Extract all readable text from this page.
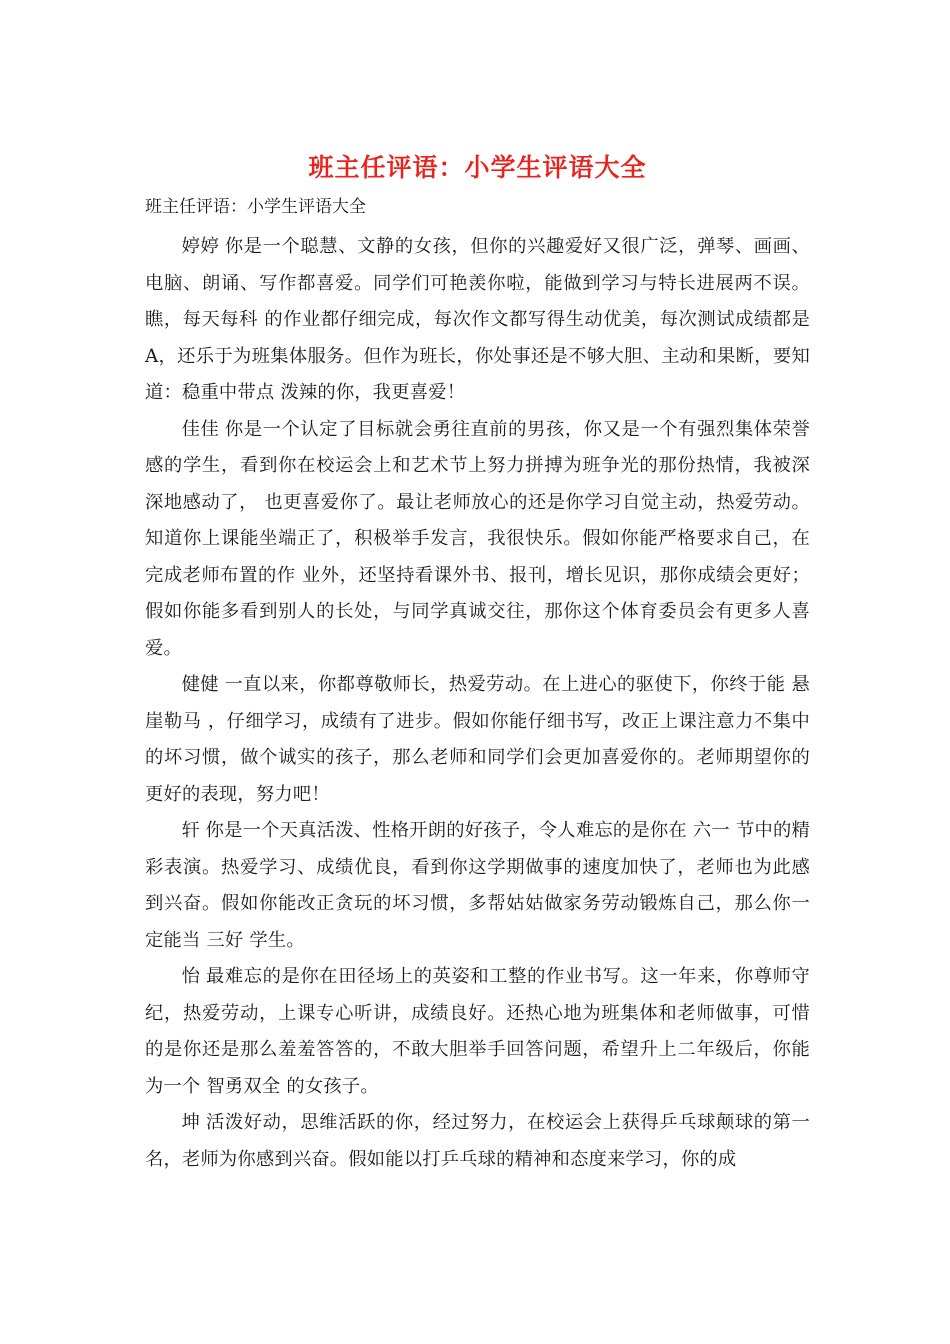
班主任评语：小学生评语大全
班主任评语：小学生评语大全

婷婷 你是一个聪慧、文静的女孩，但你的兴趣爱好又很广泛，弹琴、画画、电脑、朗诵、写作都喜爱。同学们可艳羡你啦，能做到学习与特长进展两不误。瞧，每天每科 的作业都仔细完成，每次作文都写得生动优美，每次测试成绩都是A，还乐于为班集体服务。但作为班长，你处事还是不够大胆、主动和果断，要知道：稳重中带点 泼辣的你，我更喜爱！

佳佳 你是一个认定了目标就会勇往直前的男孩，你又是一个有强烈集体荣誉感的学生，看到你在校运会上和艺术节上努力拼搏为班争光的那份热情，我被深深地感动了， 也更喜爱你了。最让老师放心的还是你学习自觉主动，热爱劳动。知道你上课能坐端正了，积极举手发言，我很快乐。假如你能严格要求自己，在完成老师布置的作 业外，还坚持看课外书、报刊，增长见识，那你成绩会更好；假如你能多看到别人的长处，与同学真诚交往，那你这个体育委员会有更多人喜爱。

健健 一直以来，你都尊敬师长，热爱劳动。在上进心的驱使下，你终于能 悬崖勒马 ，仔细学习，成绩有了进步。假如你能仔细书写，改正上课注意力不集中的坏习惯，做个诚实的孩子，那么老师和同学们会更加喜爱你的。老师期望你的更好的表现，努力吧！

轩 你是一个天真活泼、性格开朗的好孩子，令人难忘的是你在 六一 节中的精彩表演。热爱学习、成绩优良，看到你这学期做事的速度加快了，老师也为此感到兴奋。假如你能改正贪玩的坏习惯，多帮姑姑做家务劳动锻炼自己，那么你一定能当 三好 学生。

怡 最难忘的是你在田径场上的英姿和工整的作业书写。这一年来，你尊师守纪，热爱劳动，上课专心听讲，成绩良好。还热心地为班集体和老师做事，可惜的是你还是那么羞羞答答的，不敢大胆举手回答问题，希望升上二年级后，你能为一个 智勇双全 的女孩子。

坤 活泼好动，思维活跃的你，经过努力，在校运会上获得乒乓球颠球的第一名，老师为你感到兴奋。假如能以打乒乓球的精神和态度来学习，你的成
